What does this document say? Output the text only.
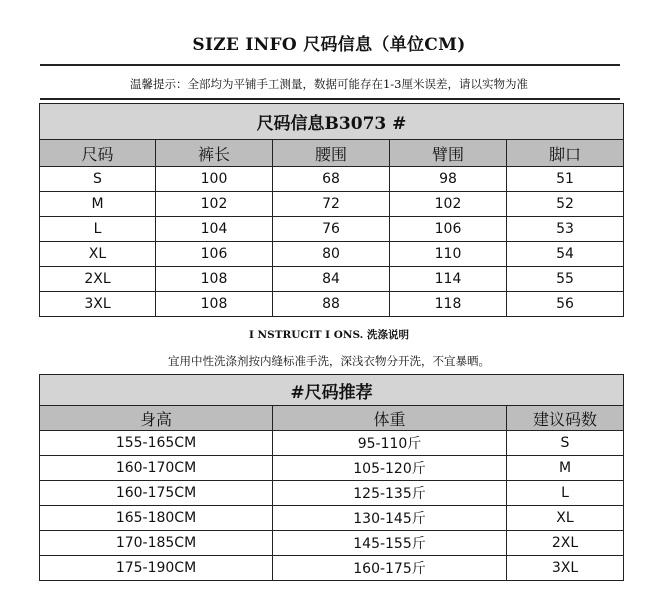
SIZE INFO 尺码信息（单位CM)
温馨提示：全部均为平铺手工测量，数据可能存在1-3厘米误差，请以实物为准
尺码信息B3073 #				
尺码	裤长	腰围	臂围	脚口
S	100	68	98	51
M	102	72	102	52
L	104	76	106	53
XL	106	80	110	54
2XL	108	84	114	55
3XL	108	88	118	56
I NSTRUCIT I ONS. 洗涤说明
宜用中性洗涤剂按内缝标准手洗，深浅衣物分开洗，不宜暴晒。
#尺码推荐		
身高	体重	建议码数
155-165CM	95-110斤	S
160-170CM	105-120斤	M
160-175CM	125-135斤	L
165-180CM	130-145斤	XL
170-185CM	145-155斤	2XL
175-190CM	160-175斤	3XL
